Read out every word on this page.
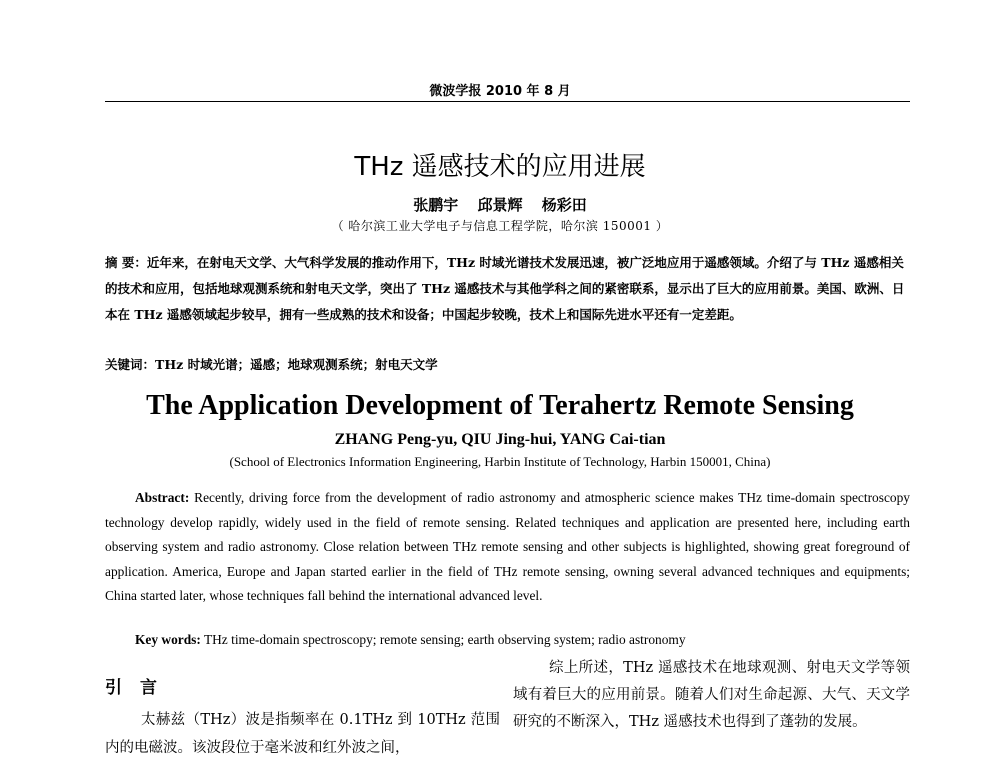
微波学报 2010 年 8 月
THz 遥感技术的应用进展
张鹏宇 邱景辉 杨彩田
（ 哈尔滨工业大学电子与信息工程学院，哈尔滨 150001 ）
摘 要：近年来，在射电天文学、大气科学发展的推动作用下，THz 时域光谱技术发展迅速，被广泛地应用于遥感领域。介绍了与 THz 遥感相关的技术和应用，包括地球观测系统和射电天文学，突出了 THz 遥感技术与其他学科之间的紧密联系，显示出了巨大的应用前景。美国、欧洲、日本在 THz 遥感领域起步较早，拥有一些成熟的技术和设备；中国起步较晚，技术上和国际先进水平还有一定差距。
关键词：THz 时域光谱；遥感；地球观测系统；射电天文学
The Application Development of Terahertz Remote Sensing
ZHANG Peng-yu, QIU Jing-hui, YANG Cai-tian
(School of Electronics Information Engineering, Harbin Institute of Technology, Harbin 150001, China)
Abstract: Recently, driving force from the development of radio astronomy and atmospheric science makes THz time-domain spectroscopy technology develop rapidly, widely used in the field of remote sensing. Related techniques and application are presented here, including earth observing system and radio astronomy. Close relation between THz remote sensing and other subjects is highlighted, showing great foreground of application. America, Europe and Japan started earlier in the field of THz remote sensing, owning several advanced techniques and equipments; China started later, whose techniques fall behind the international advanced level.
Key words: THz time-domain spectroscopy; remote sensing; earth observing system; radio astronomy
引言
太赫兹（THz）波是指频率在 0.1THz 到 10THz 范围内的电磁波。该波段位于毫米波和红外波之间，
综上所述，THz 遥感技术在地球观测、射电天文学等领域有着巨大的应用前景。随着人们对生命起源、大气、天文学研究的不断深入，THz 遥感技术也得到了蓬勃的发展。
